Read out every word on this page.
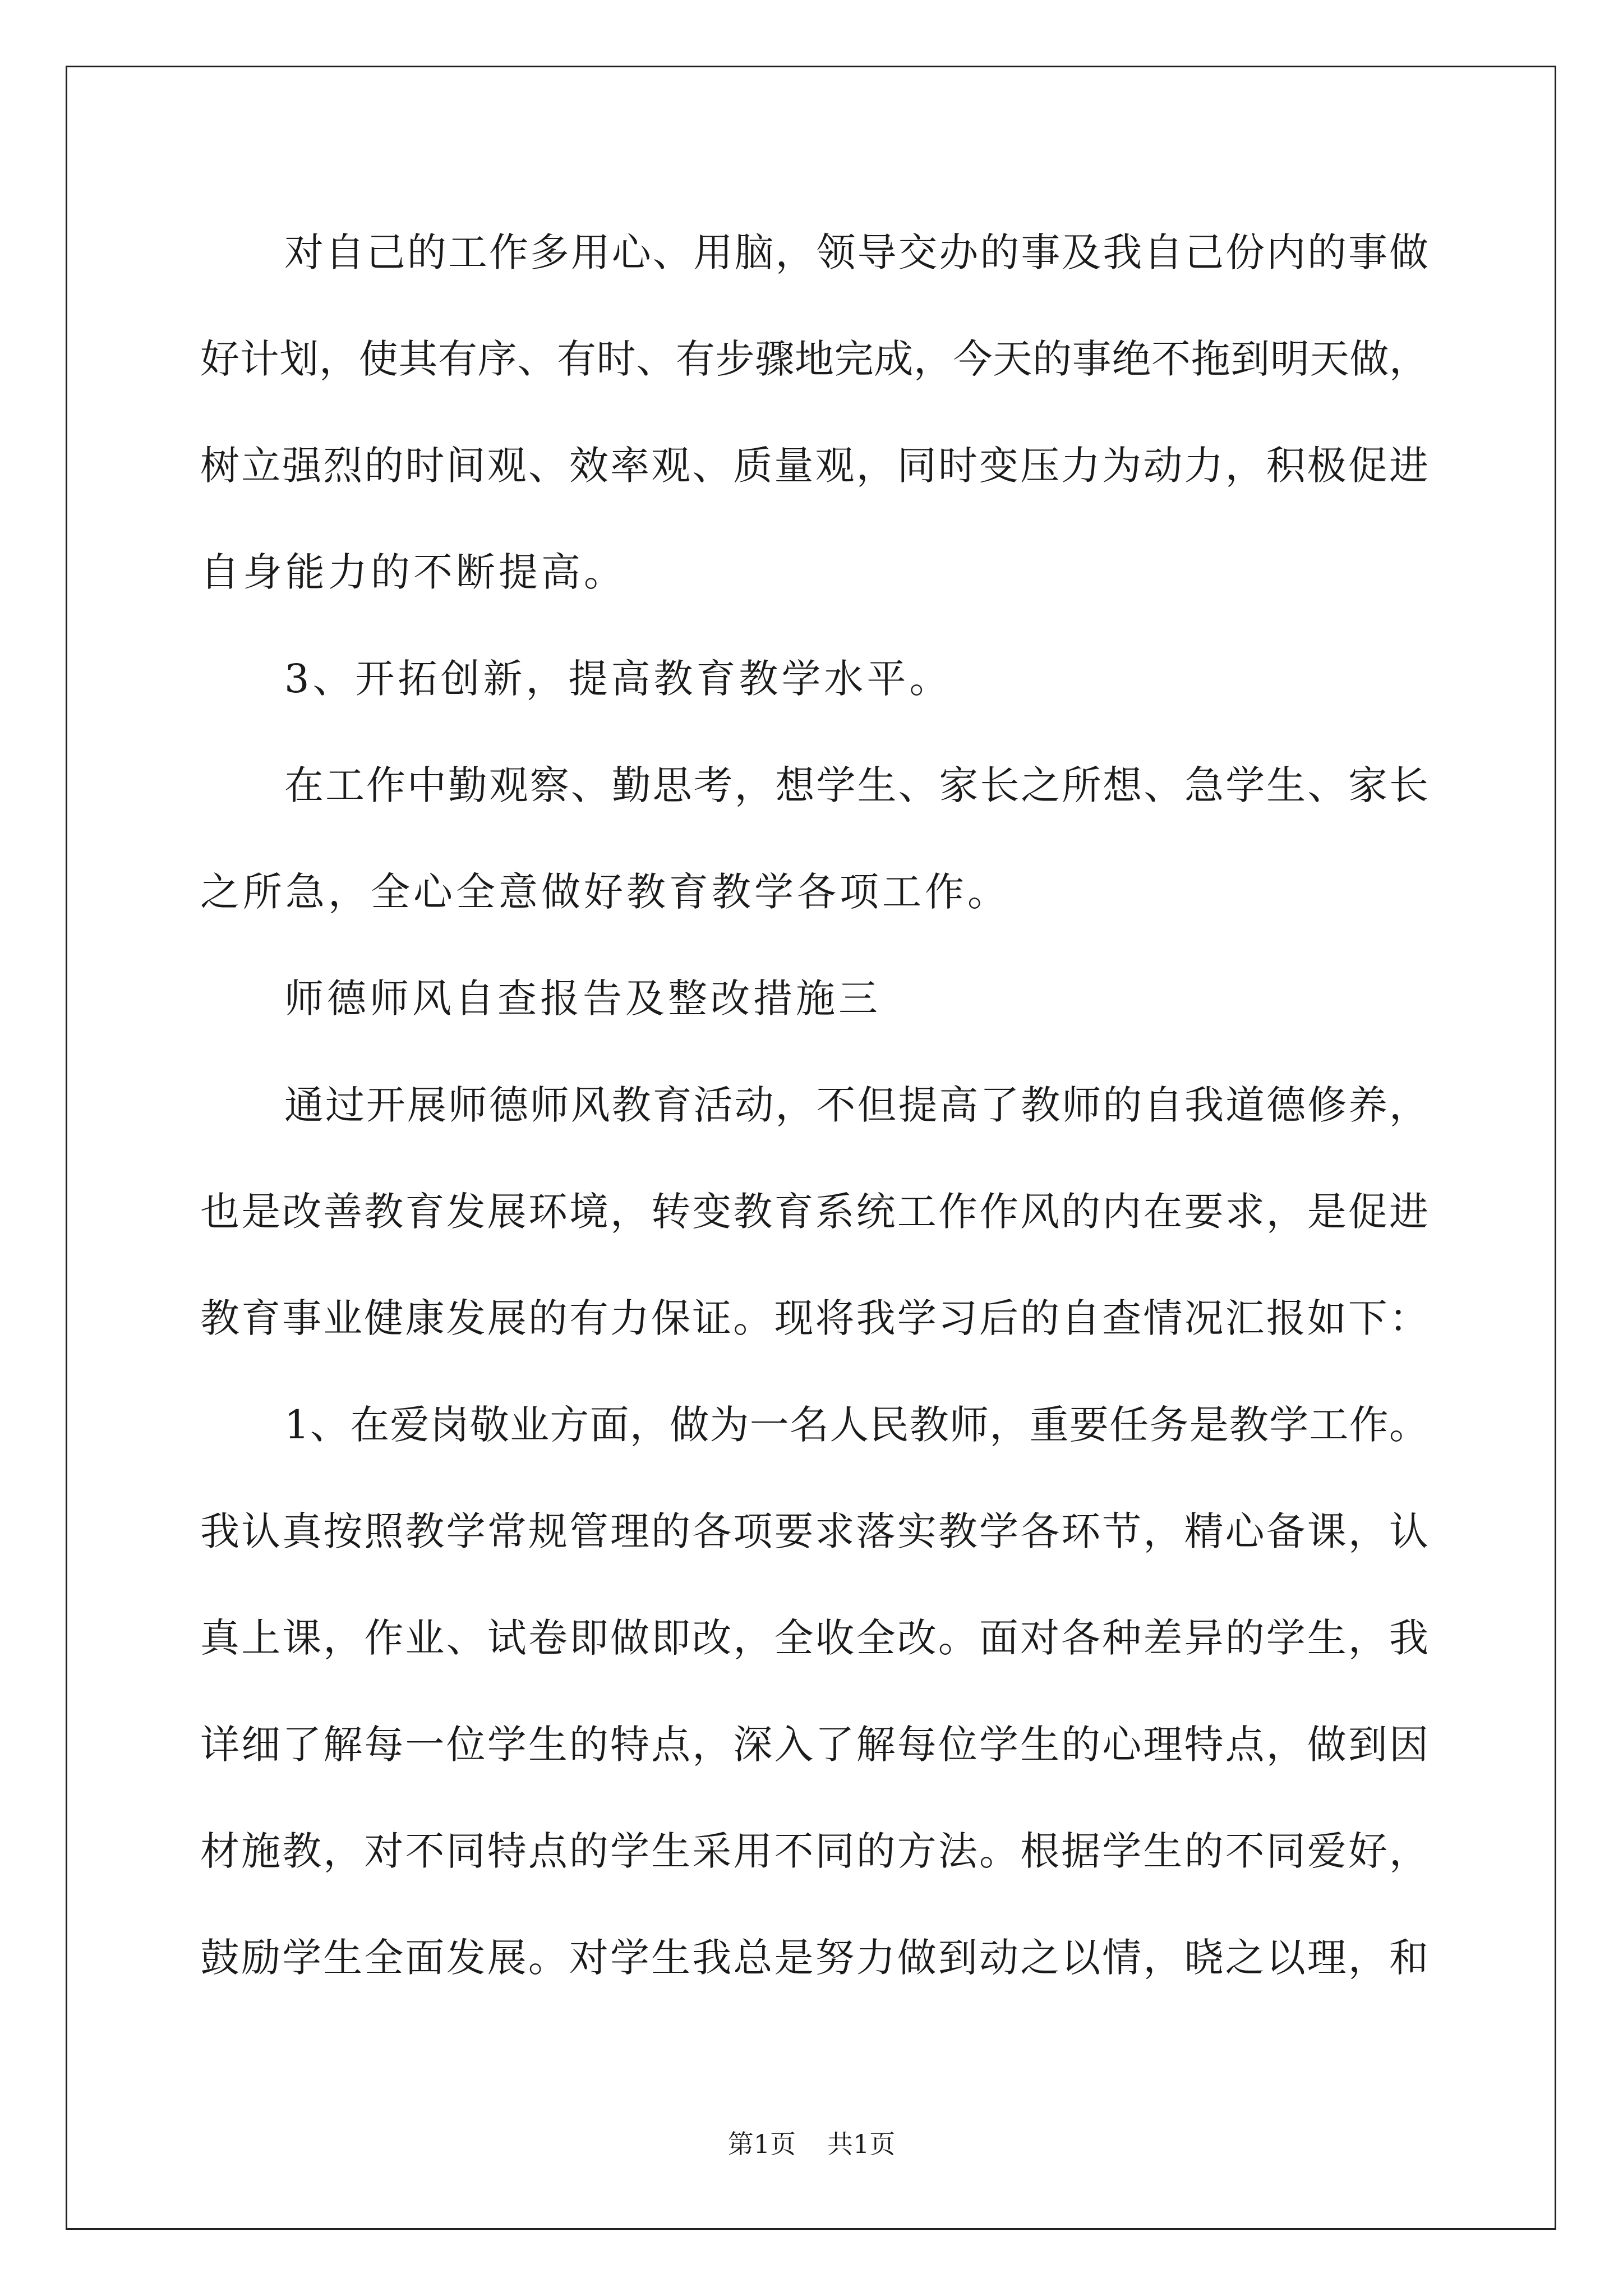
对自己的工作多用心、用脑，领导交办的事及我自己份内的事做
好计划，使其有序、有时、有步骤地完成，今天的事绝不拖到明天做，
树立强烈的时间观、效率观、质量观，同时变压力为动力，积极促进
自身能力的不断提高。
3、开拓创新，提高教育教学水平。
在工作中勤观察、勤思考，想学生、家长之所想、急学生、家长
之所急，全心全意做好教育教学各项工作。
师德师风自查报告及整改措施三
通过开展师德师风教育活动，不但提高了教师的自我道德修养，
也是改善教育发展环境，转变教育系统工作作风的内在要求，是促进
教育事业健康发展的有力保证。现将我学习后的自查情况汇报如下：
1、在爱岗敬业方面，做为一名人民教师，重要任务是教学工作。
我认真按照教学常规管理的各项要求落实教学各环节，精心备课，认
真上课，作业、试卷即做即改，全收全改。面对各种差异的学生，我
详细了解每一位学生的特点，深入了解每位学生的心理特点，做到因
材施教，对不同特点的学生采用不同的方法。根据学生的不同爱好，
鼓励学生全面发展。对学生我总是努力做到动之以情，晓之以理，和
第1页 共1页
